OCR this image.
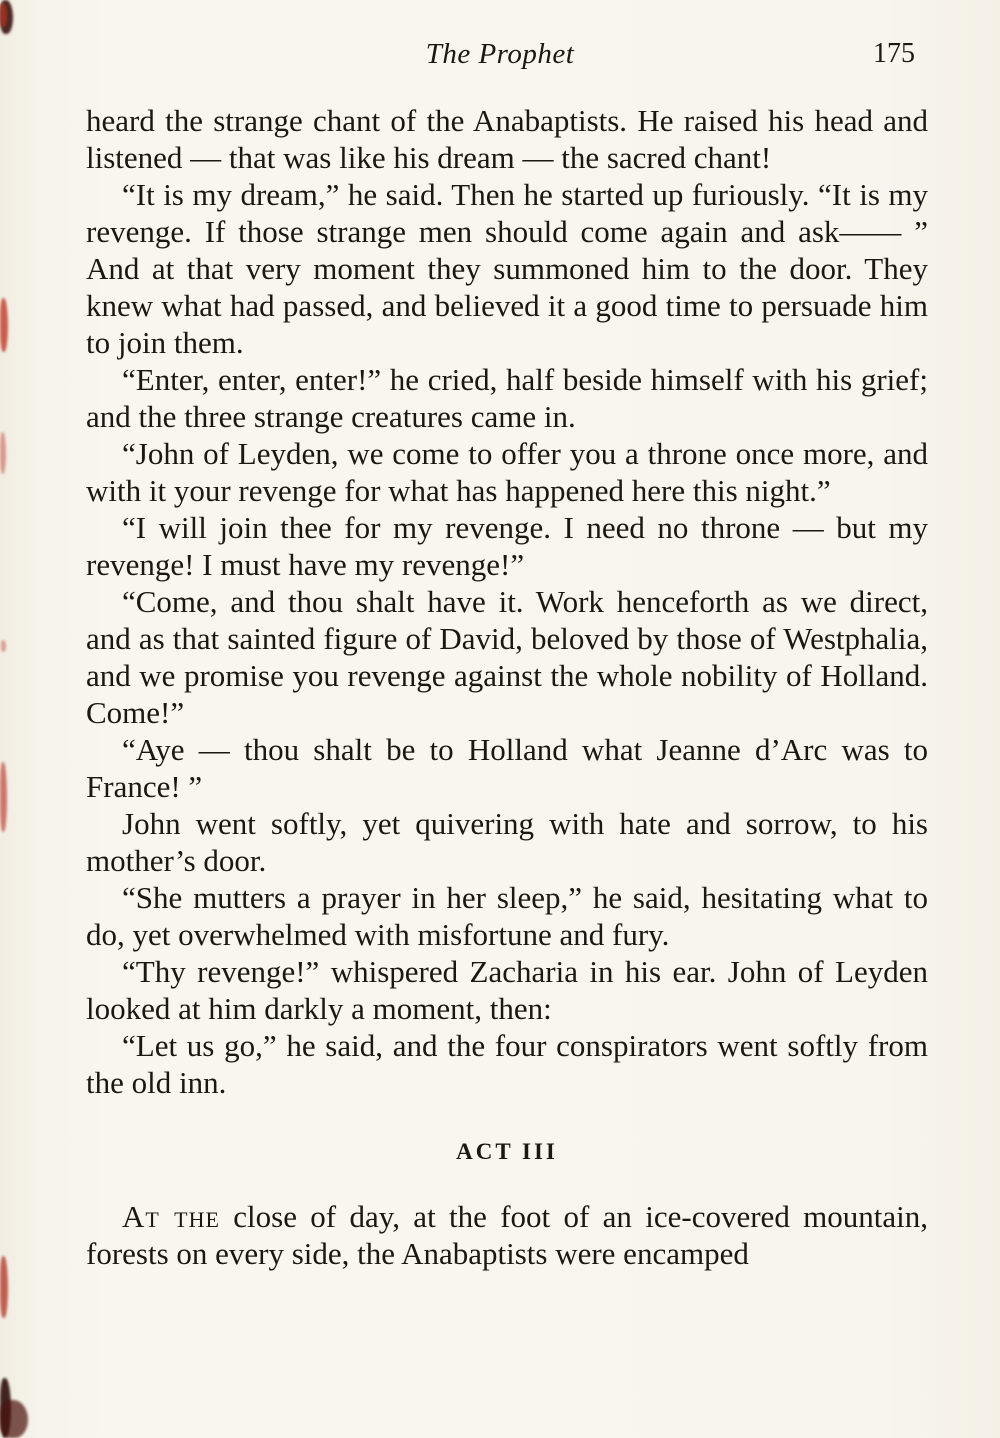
The Prophet	175

heard the strange chant of the Anabaptists. He raised his head and listened — that was like his dream — the sacred chant!

“It is my dream,” he said. Then he started up furiously. “It is my revenge. If those strange men should come again and ask—— ” And at that very moment they summoned him to the door. They knew what had passed, and believed it a good time to persuade him to join them.

“Enter, enter, enter!” he cried, half beside himself with his grief; and the three strange creatures came in.

“John of Leyden, we come to offer you a throne once more, and with it your revenge for what has happened here this night.”

“I will join thee for my revenge. I need no throne — but my revenge! I must have my revenge!”

“Come, and thou shalt have it. Work henceforth as we direct, and as that sainted figure of David, beloved by those of Westphalia, and we promise you revenge against the whole nobility of Holland. Come!”

“Aye — thou shalt be to Holland what Jeanne d’Arc was to France! ”

John went softly, yet quivering with hate and sorrow, to his mother’s door.

“She mutters a prayer in her sleep,” he said, hesitating what to do, yet overwhelmed with misfortune and fury.

“Thy revenge!” whispered Zacharia in his ear. John of Leyden looked at him darkly a moment, then:

“Let us go,” he said, and the four conspirators went softly from the old inn.

ACT III

At the close of day, at the foot of an ice-covered mountain, forests on every side, the Anabaptists were encamped
